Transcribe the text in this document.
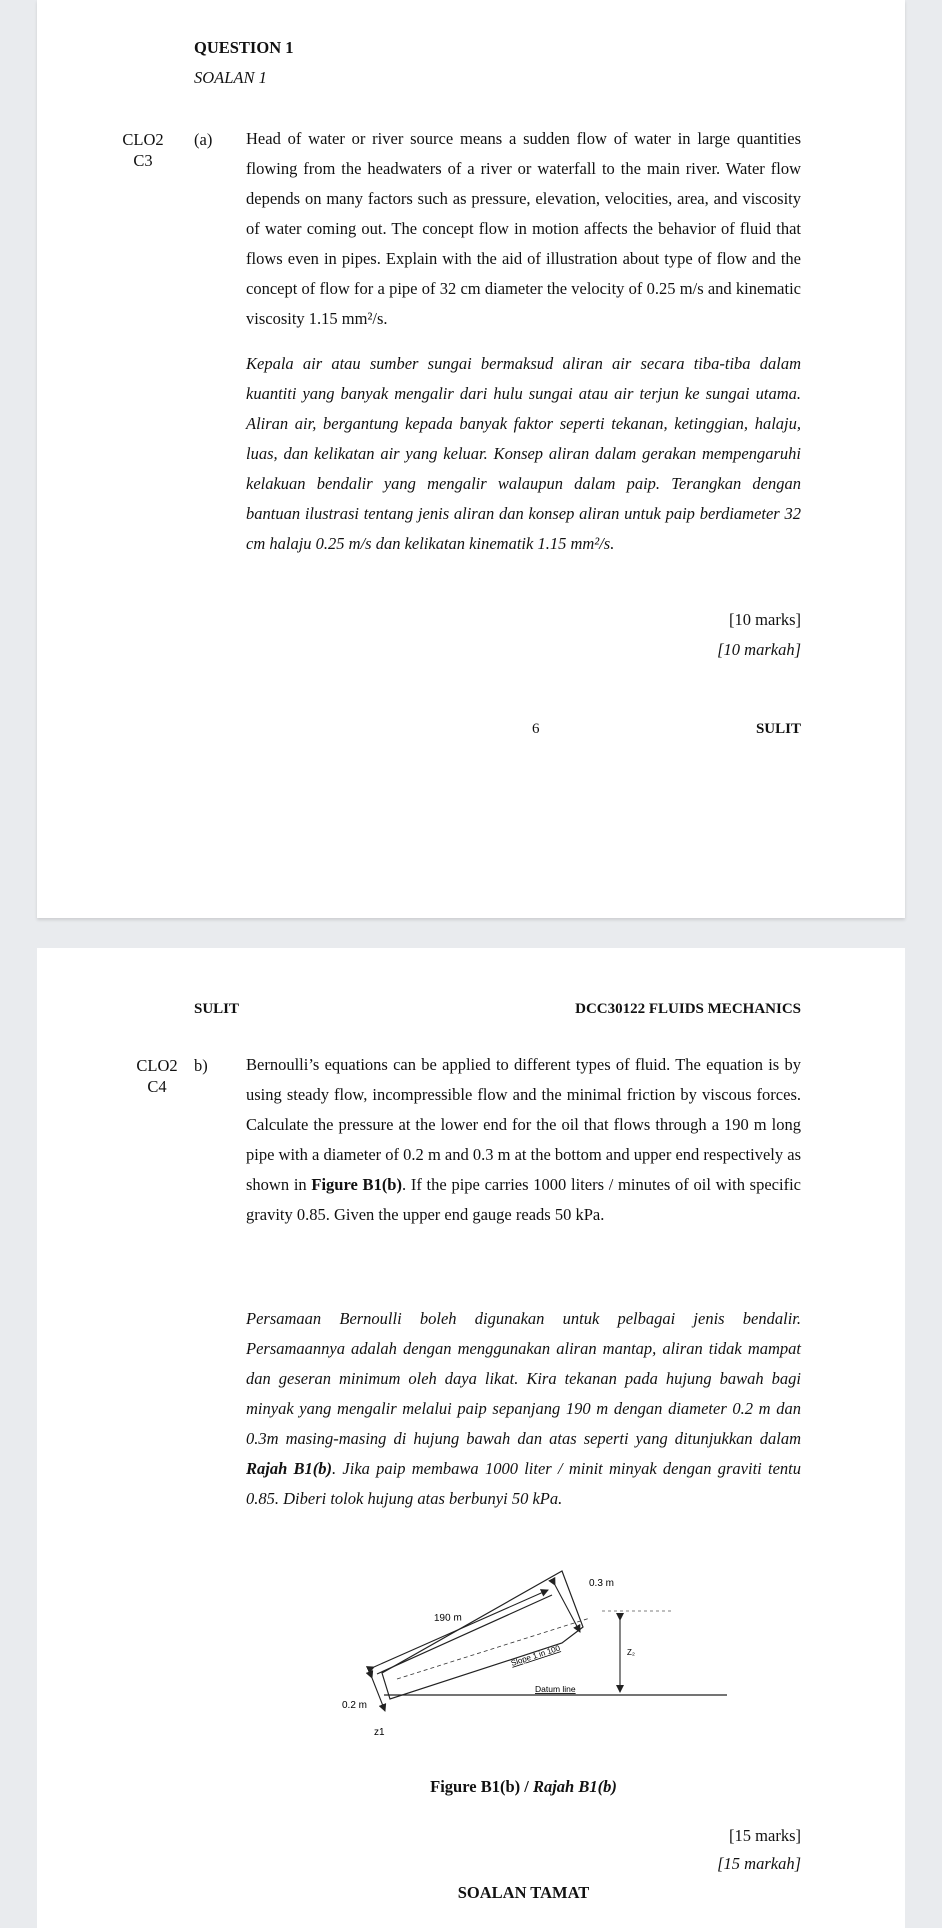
QUESTION 1
SOALAN 1
CLO2
C3
(a) Head of water or river source means a sudden flow of water in large quantities flowing from the headwaters of a river or waterfall to the main river. Water flow depends on many factors such as pressure, elevation, velocities, area, and viscosity of water coming out. The concept flow in motion affects the behavior of fluid that flows even in pipes. Explain with the aid of illustration about type of flow and the concept of flow for a pipe of 32 cm diameter the velocity of 0.25 m/s and kinematic viscosity 1.15 mm²/s.

Kepala air atau sumber sungai bermaksud aliran air secara tiba-tiba dalam kuantiti yang banyak mengalir dari hulu sungai atau air terjun ke sungai utama. Aliran air, bergantung kepada banyak faktor seperti tekanan, ketinggian, halaju, luas, dan kelikatan air yang keluar. Konsep aliran dalam gerakan mempengaruhi kelakuan bendalir yang mengalir walaupun dalam paip. Terangkan dengan bantuan ilustrasi tentang jenis aliran dan konsep aliran untuk paip berdiameter 32 cm halaju 0.25 m/s dan kelikatan kinematik 1.15 mm²/s.

[10 marks]
[10 markah]
6	SULIT
SULIT	DCC30122 FLUIDS MECHANICS
CLO2
C4
b) Bernoulli’s equations can be applied to different types of fluid. The equation is by using steady flow, incompressible flow and the minimal friction by viscous forces. Calculate the pressure at the lower end for the oil that flows through a 190 m long pipe with a diameter of 0.2 m and 0.3 m at the bottom and upper end respectively as shown in Figure B1(b). If the pipe carries 1000 liters / minutes of oil with specific gravity 0.85. Given the upper end gauge reads 50 kPa.

Persamaan Bernoulli boleh digunakan untuk pelbagai jenis bendalir. Persamaannya adalah dengan menggunakan aliran mantap, aliran tidak mampat dan geseran minimum oleh daya likat. Kira tekanan pada hujung bawah bagi minyak yang mengalir melalui paip sepanjang 190 m dengan diameter 0.2 m dan 0.3m masing-masing di hujung bawah dan atas seperti yang ditunjukkan dalam Rajah B1(b). Jika paip membawa 1000 liter / minit minyak dengan graviti tentu 0.85. Diberi tolok hujung atas berbunyi 50 kPa.

190 m
0.3 m
0.2 m
Slope 1 in 100
Datum line
z1
Z₂
Figure B1(b) / Rajah B1(b)
[15 marks]
[15 markah]
SOALAN TAMAT
